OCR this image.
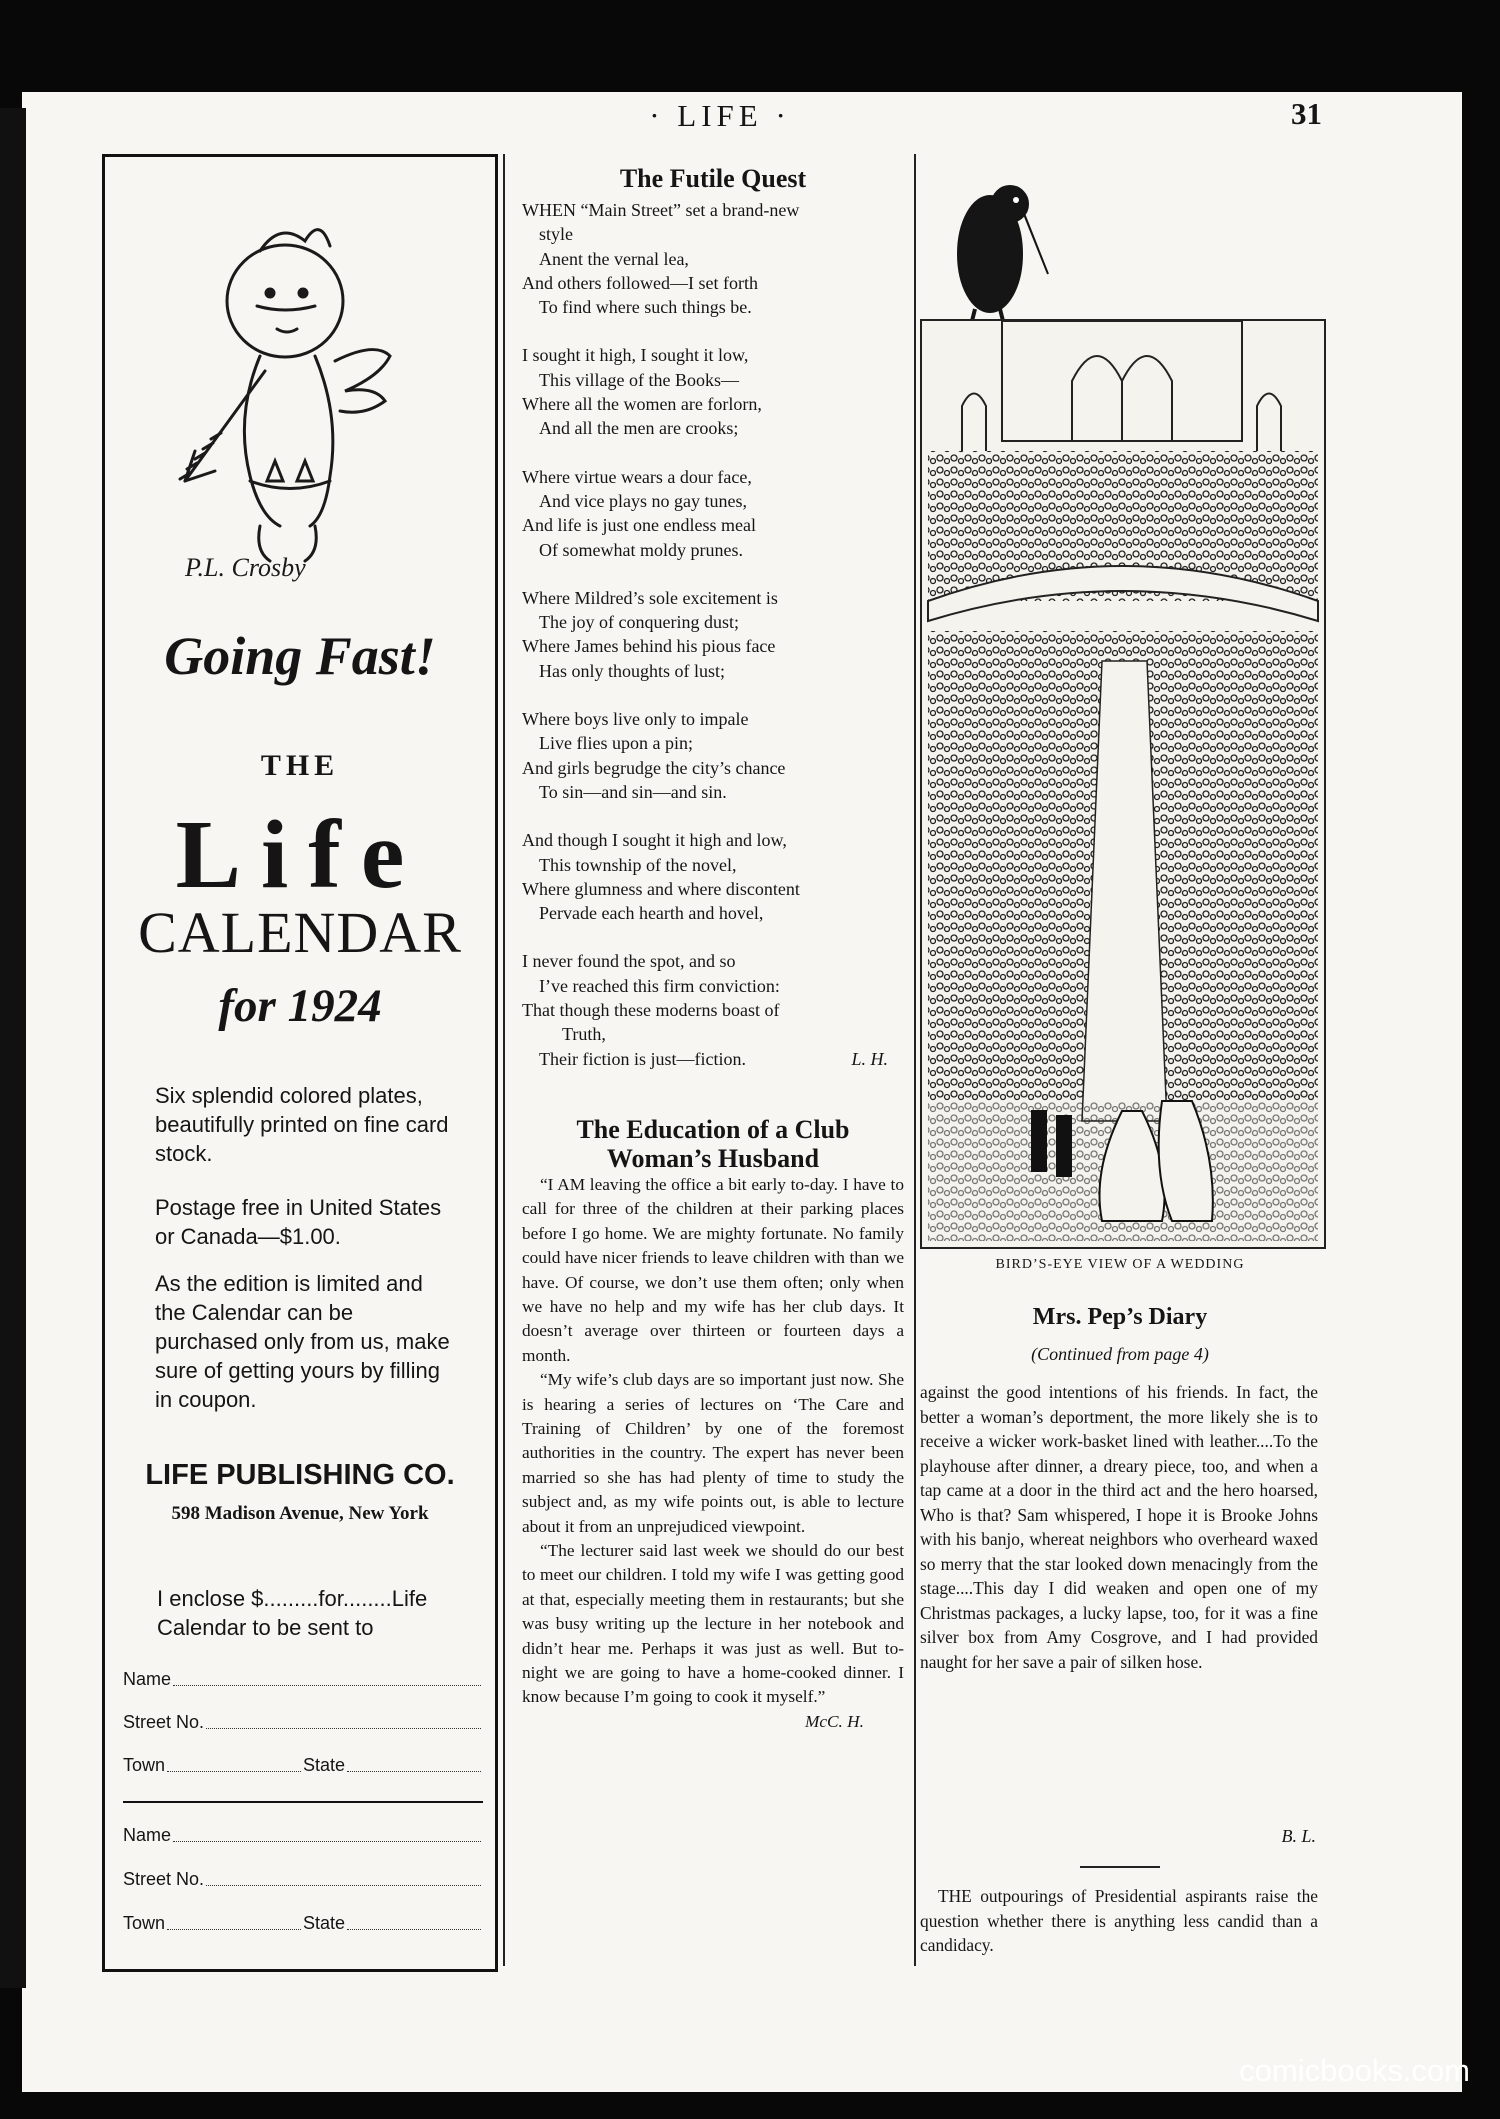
· LIFE ·	31
P.L. Crosby
Going Fast!
THE
Life
CALENDAR
for 1924

Six splendid colored plates, beautifully printed on fine card stock.

Postage free in United States or Canada—$1.00.

As the edition is limited and the Calendar can be purchased only from us, make sure of getting yours by filling in coupon.

LIFE PUBLISHING CO.
598 Madison Avenue, New York
I enclose $.........for........Life Calendar to be sent to
Name
Street No.
Town	State
Name
Street No.
Town	State
The Futile Quest
WHEN “Main Street” set a brand-new
style
Anent the vernal lea,
And others followed—I set forth
To find where such things be.
I sought it high, I sought it low,
This village of the Books—
Where all the women are forlorn,
And all the men are crooks;
Where virtue wears a dour face,
And vice plays no gay tunes,
And life is just one endless meal
Of somewhat moldy prunes.
Where Mildred’s sole excitement is
The joy of conquering dust;
Where James behind his pious face
Has only thoughts of lust;
Where boys live only to impale
Live flies upon a pin;
And girls begrudge the city’s chance
To sin—and sin—and sin.
And though I sought it high and low,
This township of the novel,
Where glumness and where discontent
Pervade each hearth and hovel,
I never found the spot, and so
I’ve reached this firm conviction:
That though these moderns boast of
Truth,
Their fiction is just—fiction.	L. H.
The Education of a Club
Woman’s Husband

“I AM leaving the office a bit early to-day. I have to call for three of the children at their parking places before I go home. We are mighty fortunate. No family could have nicer friends to leave children with than we have. Of course, we don’t use them often; only when we have no help and my wife has her club days. It doesn’t average over thirteen or fourteen days a month.

“My wife’s club days are so important just now. She is hearing a series of lectures on ‘The Care and Training of Children’ by one of the foremost authorities in the country. The expert has never been married so she has had plenty of time to study the subject and, as my wife points out, is able to lecture about it from an unprejudiced viewpoint.

“The lecturer said last week we should do our best to meet our children. I told my wife I was getting good at that, especially meeting them in restaurants; but she was busy writing up the lecture in her notebook and didn’t hear me. Perhaps it was just as well. But to-night we are going to have a home-cooked dinner. I know because I’m going to cook it myself.”

McC. H.
BIRD’S-EYE VIEW OF A WEDDING
Mrs. Pep’s Diary
(Continued from page 4)

against the good intentions of his friends. In fact, the better a woman’s deportment, the more likely she is to receive a wicker work-basket lined with leather....To the playhouse after dinner, a dreary piece, too, and when a tap came at a door in the third act and the hero hoarsed, Who is that? Sam whispered, I hope it is Brooke Johns with his banjo, whereat neighbors who overheard waxed so merry that the star looked down menacingly from the stage....This day I did weaken and open one of my Christmas packages, a lucky lapse, too, for it was a fine silver box from Amy Cosgrove, and I had provided naught for her save a pair of silken hose.

B. L.

THE outpourings of Presidential aspirants raise the question whether there is anything less candid than a candidacy.

comicbooks.com
